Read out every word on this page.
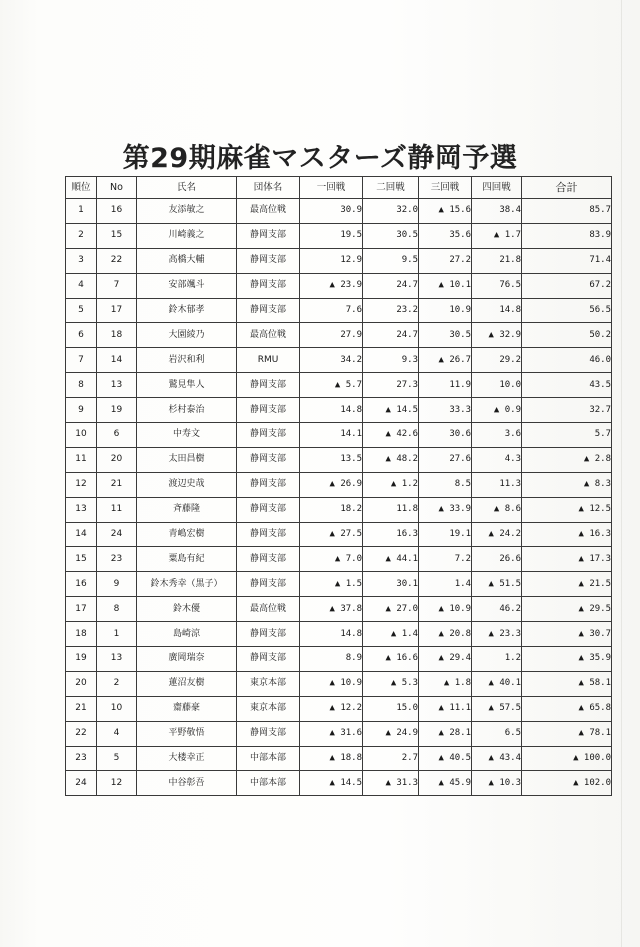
第29期麻雀マスターズ静岡予選
順位	No	氏名	団体名	一回戦	二回戦	三回戦	四回戦	合計
1	16	友添敏之	最高位戦	30.9	32.0	▲ 15.6	38.4	85.7
2	15	川崎義之	静岡支部	19.5	30.5	35.6	▲ 1.7	83.9
3	22	高橋大輔	静岡支部	12.9	9.5	27.2	21.8	71.4
4	7	安部颯斗	静岡支部	▲ 23.9	24.7	▲ 10.1	76.5	67.2
5	17	鈴木郁孝	静岡支部	7.6	23.2	10.9	14.8	56.5
6	18	大園綾乃	最高位戦	27.9	24.7	30.5	▲ 32.9	50.2
7	14	岩沢和利	RMU	34.2	9.3	▲ 26.7	29.2	46.0
8	13	鷲見隼人	静岡支部	▲ 5.7	27.3	11.9	10.0	43.5
9	19	杉村泰治	静岡支部	14.8	▲ 14.5	33.3	▲ 0.9	32.7
10	6	中寿文	静岡支部	14.1	▲ 42.6	30.6	3.6	5.7
11	20	太田昌樹	静岡支部	13.5	▲ 48.2	27.6	4.3	▲ 2.8
12	21	渡辺史哉	静岡支部	▲ 26.9	▲ 1.2	8.5	11.3	▲ 8.3
13	11	斉藤隆	静岡支部	18.2	11.8	▲ 33.9	▲ 8.6	▲ 12.5
14	24	青嶋宏樹	静岡支部	▲ 27.5	16.3	19.1	▲ 24.2	▲ 16.3
15	23	粟島有紀	静岡支部	▲ 7.0	▲ 44.1	7.2	26.6	▲ 17.3
16	9	鈴木秀幸（黒子）	静岡支部	▲ 1.5	30.1	1.4	▲ 51.5	▲ 21.5
17	8	鈴木優	最高位戦	▲ 37.8	▲ 27.0	▲ 10.9	46.2	▲ 29.5
18	1	島崎涼	静岡支部	14.8	▲ 1.4	▲ 20.8	▲ 23.3	▲ 30.7
19	13	廣岡瑞奈	静岡支部	8.9	▲ 16.6	▲ 29.4	1.2	▲ 35.9
20	2	蓮沼友樹	東京本部	▲ 10.9	▲ 5.3	▲ 1.8	▲ 40.1	▲ 58.1
21	10	齋藤豪	東京本部	▲ 12.2	15.0	▲ 11.1	▲ 57.5	▲ 65.8
22	4	平野敬悟	静岡支部	▲ 31.6	▲ 24.9	▲ 28.1	6.5	▲ 78.1
23	5	大楼幸正	中部本部	▲ 18.8	2.7	▲ 40.5	▲ 43.4	▲ 100.0
24	12	中谷彰吾	中部本部	▲ 14.5	▲ 31.3	▲ 45.9	▲ 10.3	▲ 102.0
